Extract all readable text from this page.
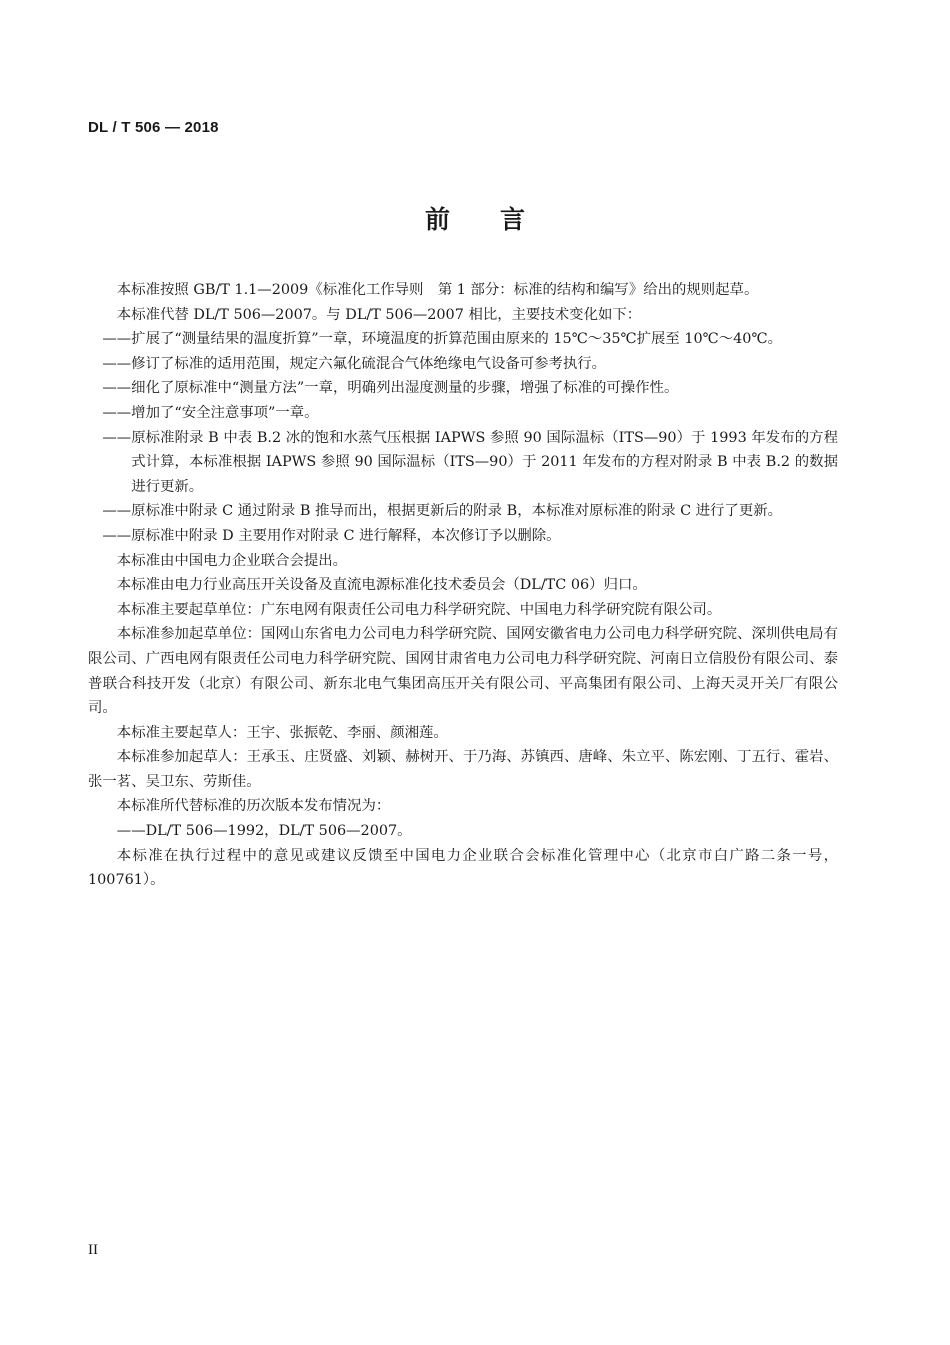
DL / T 506 — 2018
前　　言

本标准按照 GB/T 1.1—2009《标准化工作导则　第 1 部分：标准的结构和编写》给出的规则起草。

本标准代替 DL/T 506—2007。与 DL/T 506—2007 相比，主要技术变化如下：

——扩展了“测量结果的温度折算”一章，环境温度的折算范围由原来的 15℃～35℃扩展至 10℃～40℃。

——修订了标准的适用范围，规定六氟化硫混合气体绝缘电气设备可参考执行。

——细化了原标准中“测量方法”一章，明确列出湿度测量的步骤，增强了标准的可操作性。

——增加了“安全注意事项”一章。

——原标准附录 B 中表 B.2 冰的饱和水蒸气压根据 IAPWS 参照 90 国际温标（ITS—90）于 1993 年发布的方程式计算，本标准根据 IAPWS 参照 90 国际温标（ITS—90）于 2011 年发布的方程对附录 B 中表 B.2 的数据进行更新。

——原标准中附录 C 通过附录 B 推导而出，根据更新后的附录 B，本标准对原标准的附录 C 进行了更新。

——原标准中附录 D 主要用作对附录 C 进行解释，本次修订予以删除。

本标准由中国电力企业联合会提出。

本标准由电力行业高压开关设备及直流电源标准化技术委员会（DL/TC 06）归口。

本标准主要起草单位：广东电网有限责任公司电力科学研究院、中国电力科学研究院有限公司。

本标准参加起草单位：国网山东省电力公司电力科学研究院、国网安徽省电力公司电力科学研究院、深圳供电局有限公司、广西电网有限责任公司电力科学研究院、国网甘肃省电力公司电力科学研究院、河南日立信股份有限公司、泰普联合科技开发（北京）有限公司、新东北电气集团高压开关有限公司、平高集团有限公司、上海天灵开关厂有限公司。

本标准主要起草人：王宇、张振乾、李丽、颜湘莲。

本标准参加起草人：王承玉、庄贤盛、刘颖、赫树开、于乃海、苏镇西、唐峰、朱立平、陈宏刚、丁五行、霍岩、张一茗、吴卫东、劳斯佳。

本标准所代替标准的历次版本发布情况为：

——DL/T 506—1992，DL/T 506—2007。

本标准在执行过程中的意见或建议反馈至中国电力企业联合会标准化管理中心（北京市白广路二条一号，100761）。

II
